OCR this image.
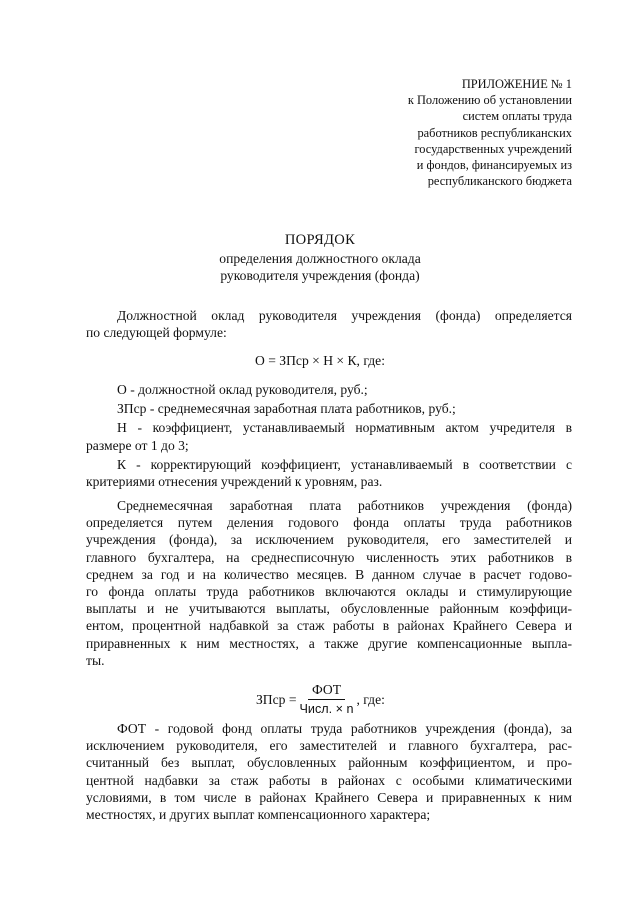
ПРИЛОЖЕНИЕ № 1
к Положению об установлении
систем оплаты труда
работников республиканских
государственных учреждений
и фондов, финансируемых из
республиканского бюджета
ПОРЯДОК
определения должностного оклада
руководителя учреждения (фонда)
Должностной оклад руководителя учреждения (фонда) определяется
по следующей формуле:
О = ЗПср × Н × К, где:

О - должностной оклад руководителя, руб.;

ЗПср - среднемесячная заработная плата работников, руб.;

Н - коэффициент, устанавливаемый нормативным актом учредителя в
размере от 1 до 3;

К - корректирующий коэффициент, устанавливаемый в соответствии с
критериями отнесения учреждений к уровням, раз.

Среднемесячная заработная плата работников учреждения (фонда)
определяется путем деления годового фонда оплаты труда работников
учреждения (фонда), за исключением руководителя, его заместителей и
главного бухгалтера, на среднесписочную численность этих работников в
среднем за год и на количество месяцев. В данном случае в расчет годово-
го фонда оплаты труда работников включаются оклады и стимулирующие
выплаты и не учитываются выплаты, обусловленные районным коэффици-
ентом, процентной надбавкой за стаж работы в районах Крайнего Севера и
приравненных к ним местностях, а также другие компенсационные выпла-
ты.
ЗПср = $\frac{\text{ФОТ}}{\text{Числ. × n}}$ , где:
ФОТ - годовой фонд оплаты труда работников учреждения (фонда), за
исключением руководителя, его заместителей и главного бухгалтера, рас-
считанный без выплат, обусловленных районным коэффициентом, и про-
центной надбавки за стаж работы в районах с особыми климатическими
условиями, в том числе в районах Крайнего Севера и приравненных к ним
местностях, и других выплат компенсационного характера;
